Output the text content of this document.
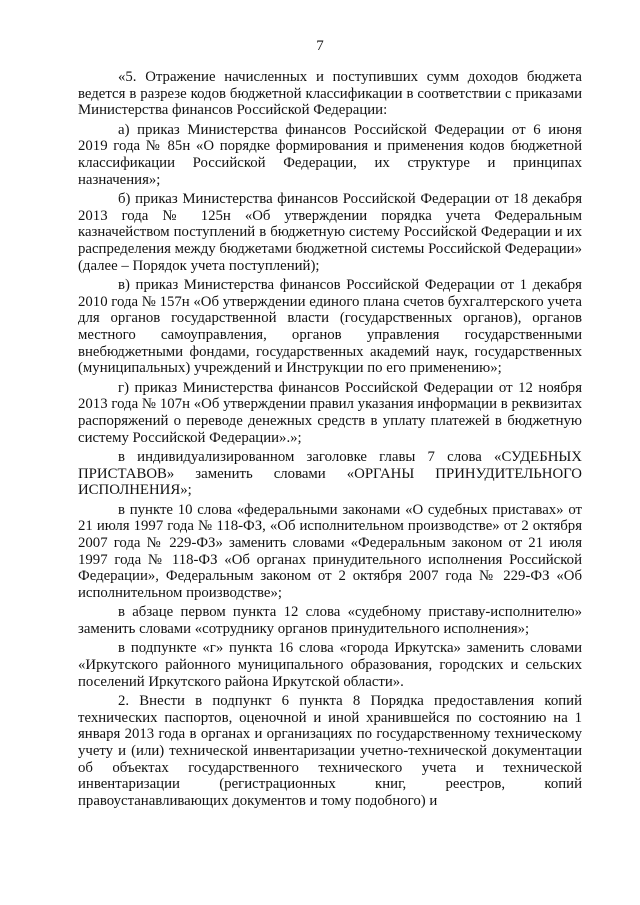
7

«5. Отражение начисленных и поступивших сумм доходов бюджета ведется в разрезе кодов бюджетной классификации в соответствии с приказами Министерства финансов Российской Федерации:

а) приказ Министерства финансов Российской Федерации от 6 июня 2019 года № 85н «О порядке формирования и применения кодов бюджетной классификации Российской Федерации, их структуре и принципах назначения»;

б) приказ Министерства финансов Российской Федерации от 18 декабря 2013 года № 125н «Об утверждении порядка учета Федеральным казначейством поступлений в бюджетную систему Российской Федерации и их распределения между бюджетами бюджетной системы Российской Федерации» (далее – Порядок учета поступлений);

в) приказ Министерства финансов Российской Федерации от 1 декабря 2010 года № 157н «Об утверждении единого плана счетов бухгалтерского учета для органов государственной власти (государственных органов), органов местного самоуправления, органов управления государственными внебюджетными фондами, государственных академий наук, государственных (муниципальных) учреждений и Инструкции по его применению»;

г) приказ Министерства финансов Российской Федерации от 12 ноября 2013 года № 107н «Об утверждении правил указания информации в реквизитах распоряжений о переводе денежных средств в уплату платежей в бюджетную систему Российской Федерации».»;

в индивидуализированном заголовке главы 7 слова «СУДЕБНЫХ ПРИСТАВОВ» заменить словами «ОРГАНЫ ПРИНУДИТЕЛЬНОГО ИСПОЛНЕНИЯ»;

в пункте 10 слова «федеральными законами «О судебных приставах» от 21 июля 1997 года № 118-ФЗ, «Об исполнительном производстве» от 2 октября 2007 года № 229-ФЗ» заменить словами «Федеральным законом от 21 июля 1997 года № 118-ФЗ «Об органах принудительного исполнения Российской Федерации», Федеральным законом от 2 октября 2007 года № 229-ФЗ «Об исполнительном производстве»;

в абзаце первом пункта 12 слова «судебному приставу-исполнителю» заменить словами «сотруднику органов принудительного исполнения»;

в подпункте «г» пункта 16 слова «города Иркутска» заменить словами «Иркутского районного муниципального образования, городских и сельских поселений Иркутского района Иркутской области».

2. Внести в подпункт 6 пункта 8 Порядка предоставления копий технических паспортов, оценочной и иной хранившейся по состоянию на 1 января 2013 года в органах и организациях по государственному техническому учету и (или) технической инвентаризации учетно-технической документации об объектах государственного технического учета и технической инвентаризации (регистрационных книг, реестров, копий правоустанавливающих документов и тому подобного) и
